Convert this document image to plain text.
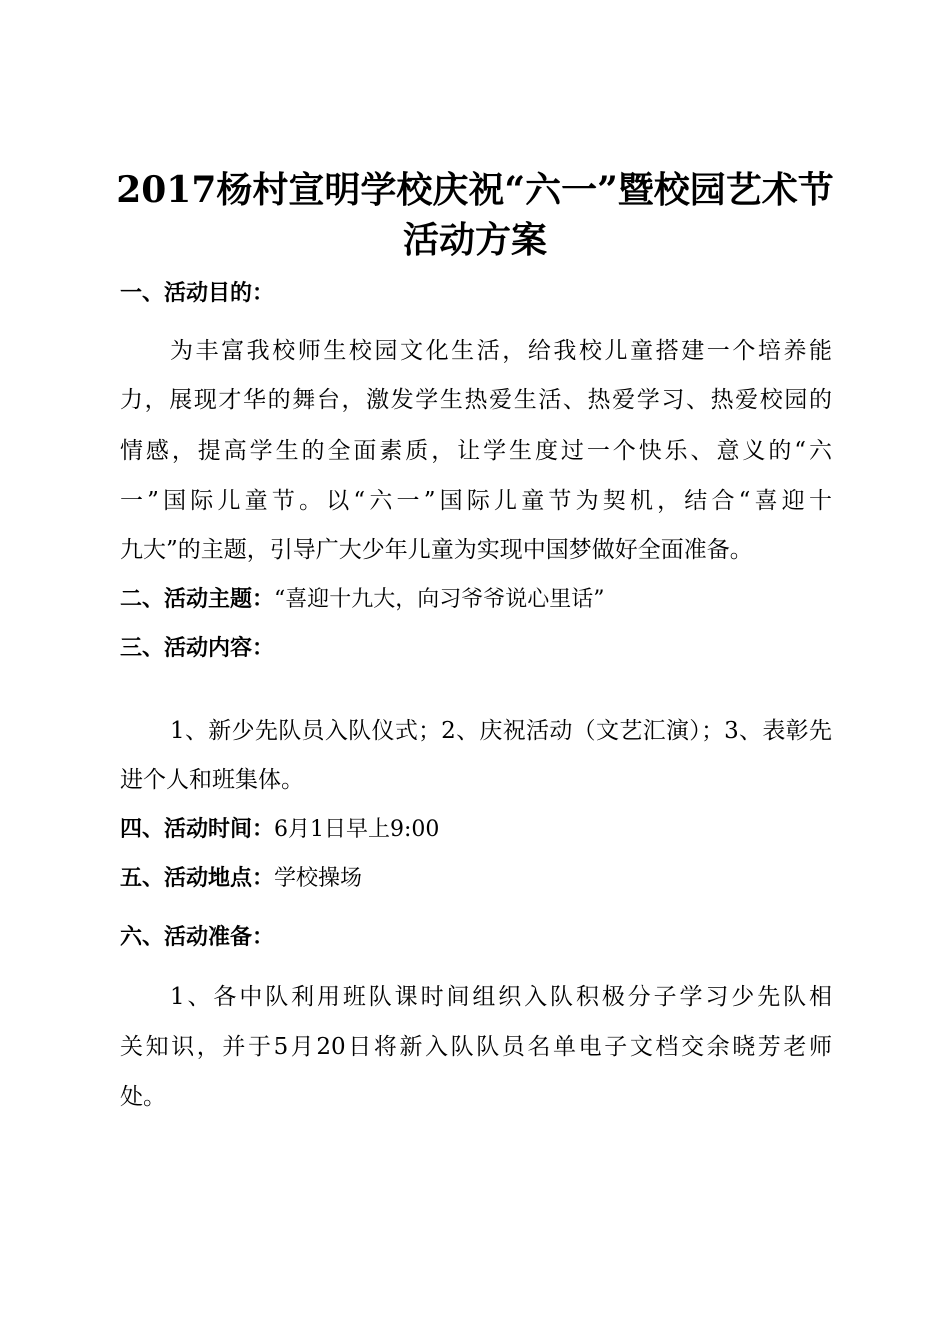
2017杨村宣明学校庆祝“六一”暨校园艺术节
活动方案
一、活动目的：
为丰富我校师生校园文化生活，给我校儿童搭建一个培养能
力，展现才华的舞台，激发学生热爱生活、热爱学习、热爱校园的
情感，提高学生的全面素质，让学生度过一个快乐、意义的“六
一”国际儿童节。以“六一”国际儿童节为契机，结合“喜迎十
九大”的主题，引导广大少年儿童为实现中国梦做好全面准备。
二、活动主题：“喜迎十九大，向习爷爷说心里话”
三、活动内容：
1、新少先队员入队仪式；2、庆祝活动（文艺汇演）；3、表彰先
进个人和班集体。
四、活动时间：6月1日早上9:00
五、活动地点：学校操场
六、活动准备：
1、各中队利用班队课时间组织入队积极分子学习少先队相
关知识，并于5月20日将新入队队员名单电子文档交余晓芳老师
处。
